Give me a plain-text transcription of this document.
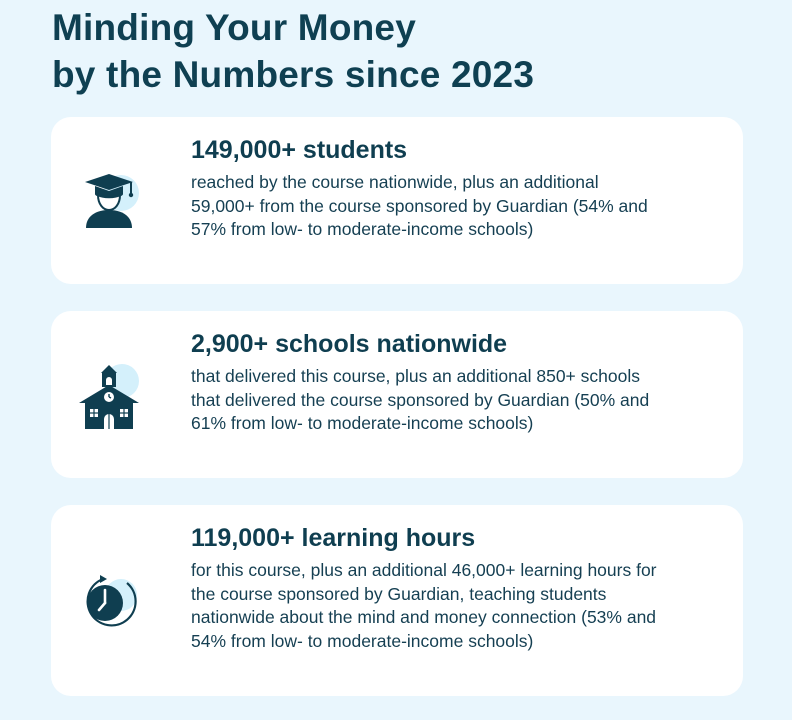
Minding Your Money
by the Numbers since 2023
149,000+ students

reached by the course nationwide, plus an additional 59,000+ from the course sponsored by Guardian (54% and 57% from low- to moderate-income schools)

2,900+ schools nationwide

that delivered this course, plus an additional 850+ schools that delivered the course sponsored by Guardian (50% and 61% from low- to moderate-income schools)

119,000+ learning hours

for this course, plus an additional 46,000+ learning hours for the course sponsored by Guardian, teaching students nationwide about the mind and money connection (53% and 54% from low- to moderate-income schools)
